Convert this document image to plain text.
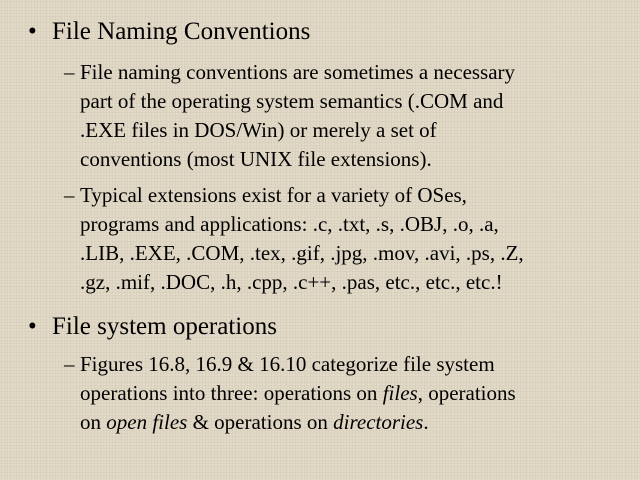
• File Naming Conventions
– File naming conventions are sometimes a necessary
part of the operating system semantics (.COM and
.EXE files in DOS/Win) or merely a set of
conventions (most UNIX file extensions).
– Typical extensions exist for a variety of OSes,
programs and applications: .c, .txt, .s, .OBJ, .o, .a,
.LIB, .EXE, .COM, .tex, .gif, .jpg, .mov, .avi, .ps, .Z,
.gz, .mif, .DOC, .h, .cpp, .c++, .pas, etc., etc., etc.!
• File system operations
– Figures 16.8, 16.9 & 16.10 categorize file system
operations into three: operations on files, operations
on open files & operations on directories.
